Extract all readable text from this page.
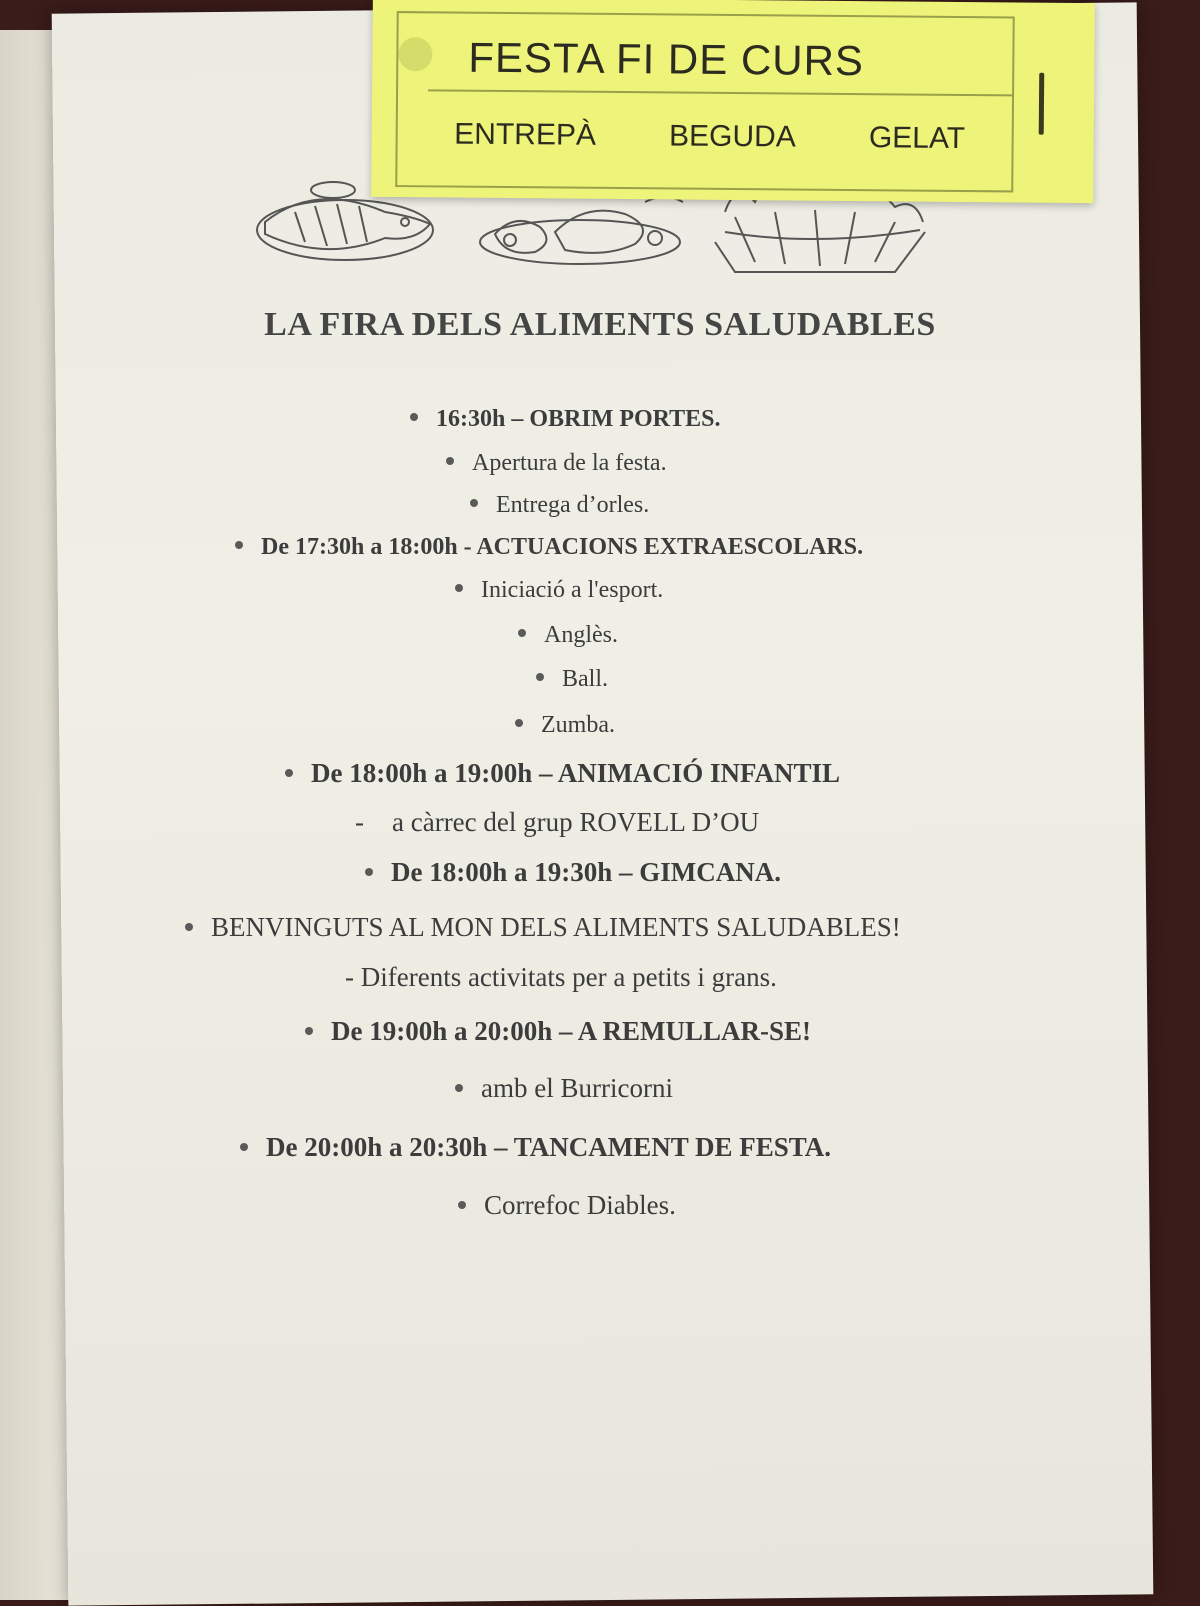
FESTA FI DE CURS
ENTREPÀ BEGUDA GELAT
LA FIRA DELS ALIMENTS SALUDABLES
16:30h – OBRIM PORTES.
Apertura de la festa.
Entrega d’orles.
De 17:30h a 18:00h - ACTUACIONS EXTRAESCOLARS.
Iniciació a l'esport.
Anglès.
Ball.
Zumba.
De 18:00h a 19:00h – ANIMACIÓ INFANTIL
- a càrrec del grup ROVELL D’OU
De 18:00h a 19:30h – GIMCANA.
BENVINGUTS AL MON DELS ALIMENTS SALUDABLES!
- Diferents activitats per a petits i grans.
De 19:00h a 20:00h – A REMULLAR-SE!
amb el Burricorni
De 20:00h a 20:30h – TANCAMENT DE FESTA.
Correfoc Diables.
